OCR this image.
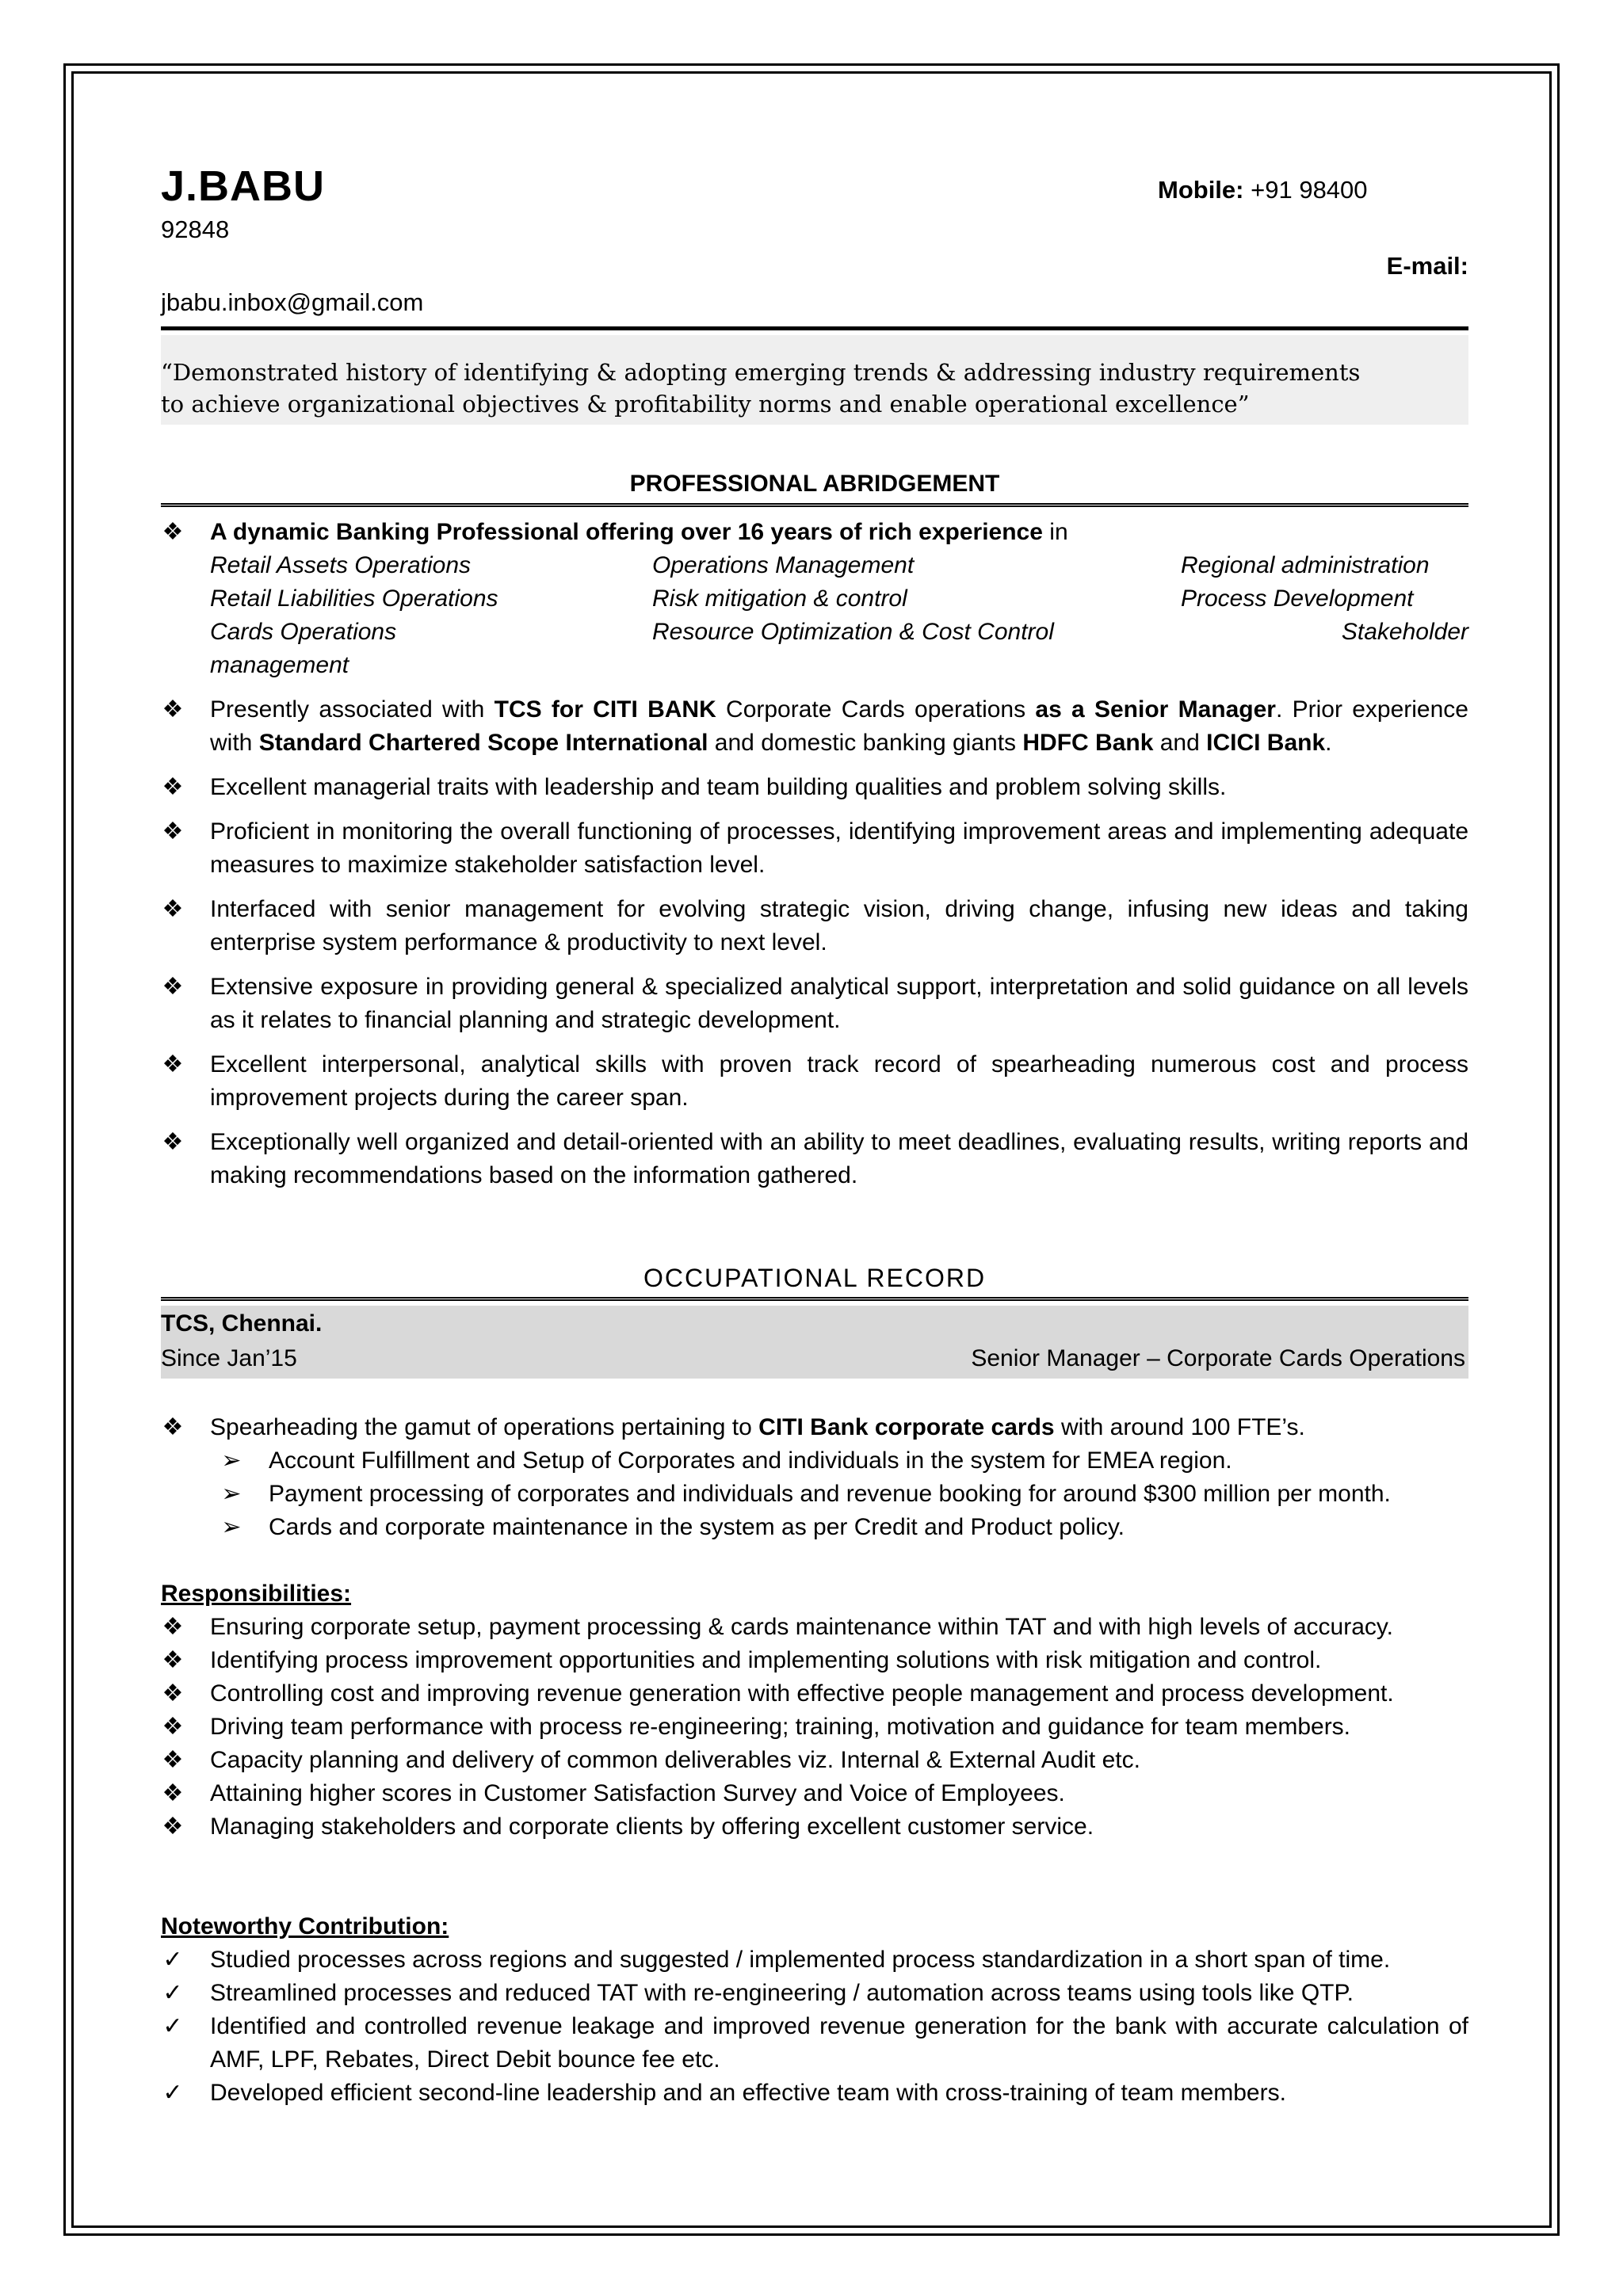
J.BABU	Mobile: +91 98400
92848
E-mail:
jbabu.inbox@gmail.com
“Demonstrated history of identifying & adopting emerging trends & addressing industry requirements
to achieve organizational objectives & profitability norms and enable operational excellence”
PROFESSIONAL ABRIDGEMENT
❖ A dynamic Banking Professional offering over 16 years of rich experience in
Retail Assets Operations	Operations Management	Regional administration
Retail Liabilities Operations	Risk mitigation & control	Process Development
Cards Operations	Resource Optimization & Cost Control	Stakeholder
management
❖ Presently associated with TCS for CITI BANK Corporate Cards operations as a Senior Manager. Prior experience with Standard Chartered Scope International and domestic banking giants HDFC Bank and ICICI Bank.
❖ Excellent managerial traits with leadership and team building qualities and problem solving skills.
❖ Proficient in monitoring the overall functioning of processes, identifying improvement areas and implementing adequate measures to maximize stakeholder satisfaction level.
❖ Interfaced with senior management for evolving strategic vision, driving change, infusing new ideas and taking enterprise system performance & productivity to next level.
❖ Extensive exposure in providing general & specialized analytical support, interpretation and solid guidance on all levels as it relates to financial planning and strategic development.
❖ Excellent interpersonal, analytical skills with proven track record of spearheading numerous cost and process improvement projects during the career span.
❖ Exceptionally well organized and detail-oriented with an ability to meet deadlines, evaluating results, writing reports and making recommendations based on the information gathered.
OCCUPATIONAL RECORD
TCS, Chennai.
Since Jan’15	Senior Manager – Corporate Cards Operations
❖ Spearheading the gamut of operations pertaining to CITI Bank corporate cards with around 100 FTE’s.
➢ Account Fulfillment and Setup of Corporates and individuals in the system for EMEA region.
➢ Payment processing of corporates and individuals and revenue booking for around $300 million per month.
➢ Cards and corporate maintenance in the system as per Credit and Product policy.
Responsibilities:
❖ Ensuring corporate setup, payment processing & cards maintenance within TAT and with high levels of accuracy.
❖ Identifying process improvement opportunities and implementing solutions with risk mitigation and control.
❖ Controlling cost and improving revenue generation with effective people management and process development.
❖ Driving team performance with process re-engineering; training, motivation and guidance for team members.
❖ Capacity planning and delivery of common deliverables viz. Internal & External Audit etc.
❖ Attaining higher scores in Customer Satisfaction Survey and Voice of Employees.
❖ Managing stakeholders and corporate clients by offering excellent customer service.
Noteworthy Contribution:
✓ Studied processes across regions and suggested / implemented process standardization in a short span of time.
✓ Streamlined processes and reduced TAT with re-engineering / automation across teams using tools like QTP.
✓ Identified and controlled revenue leakage and improved revenue generation for the bank with accurate calculation of AMF, LPF, Rebates, Direct Debit bounce fee etc.
✓ Developed efficient second-line leadership and an effective team with cross-training of team members.
